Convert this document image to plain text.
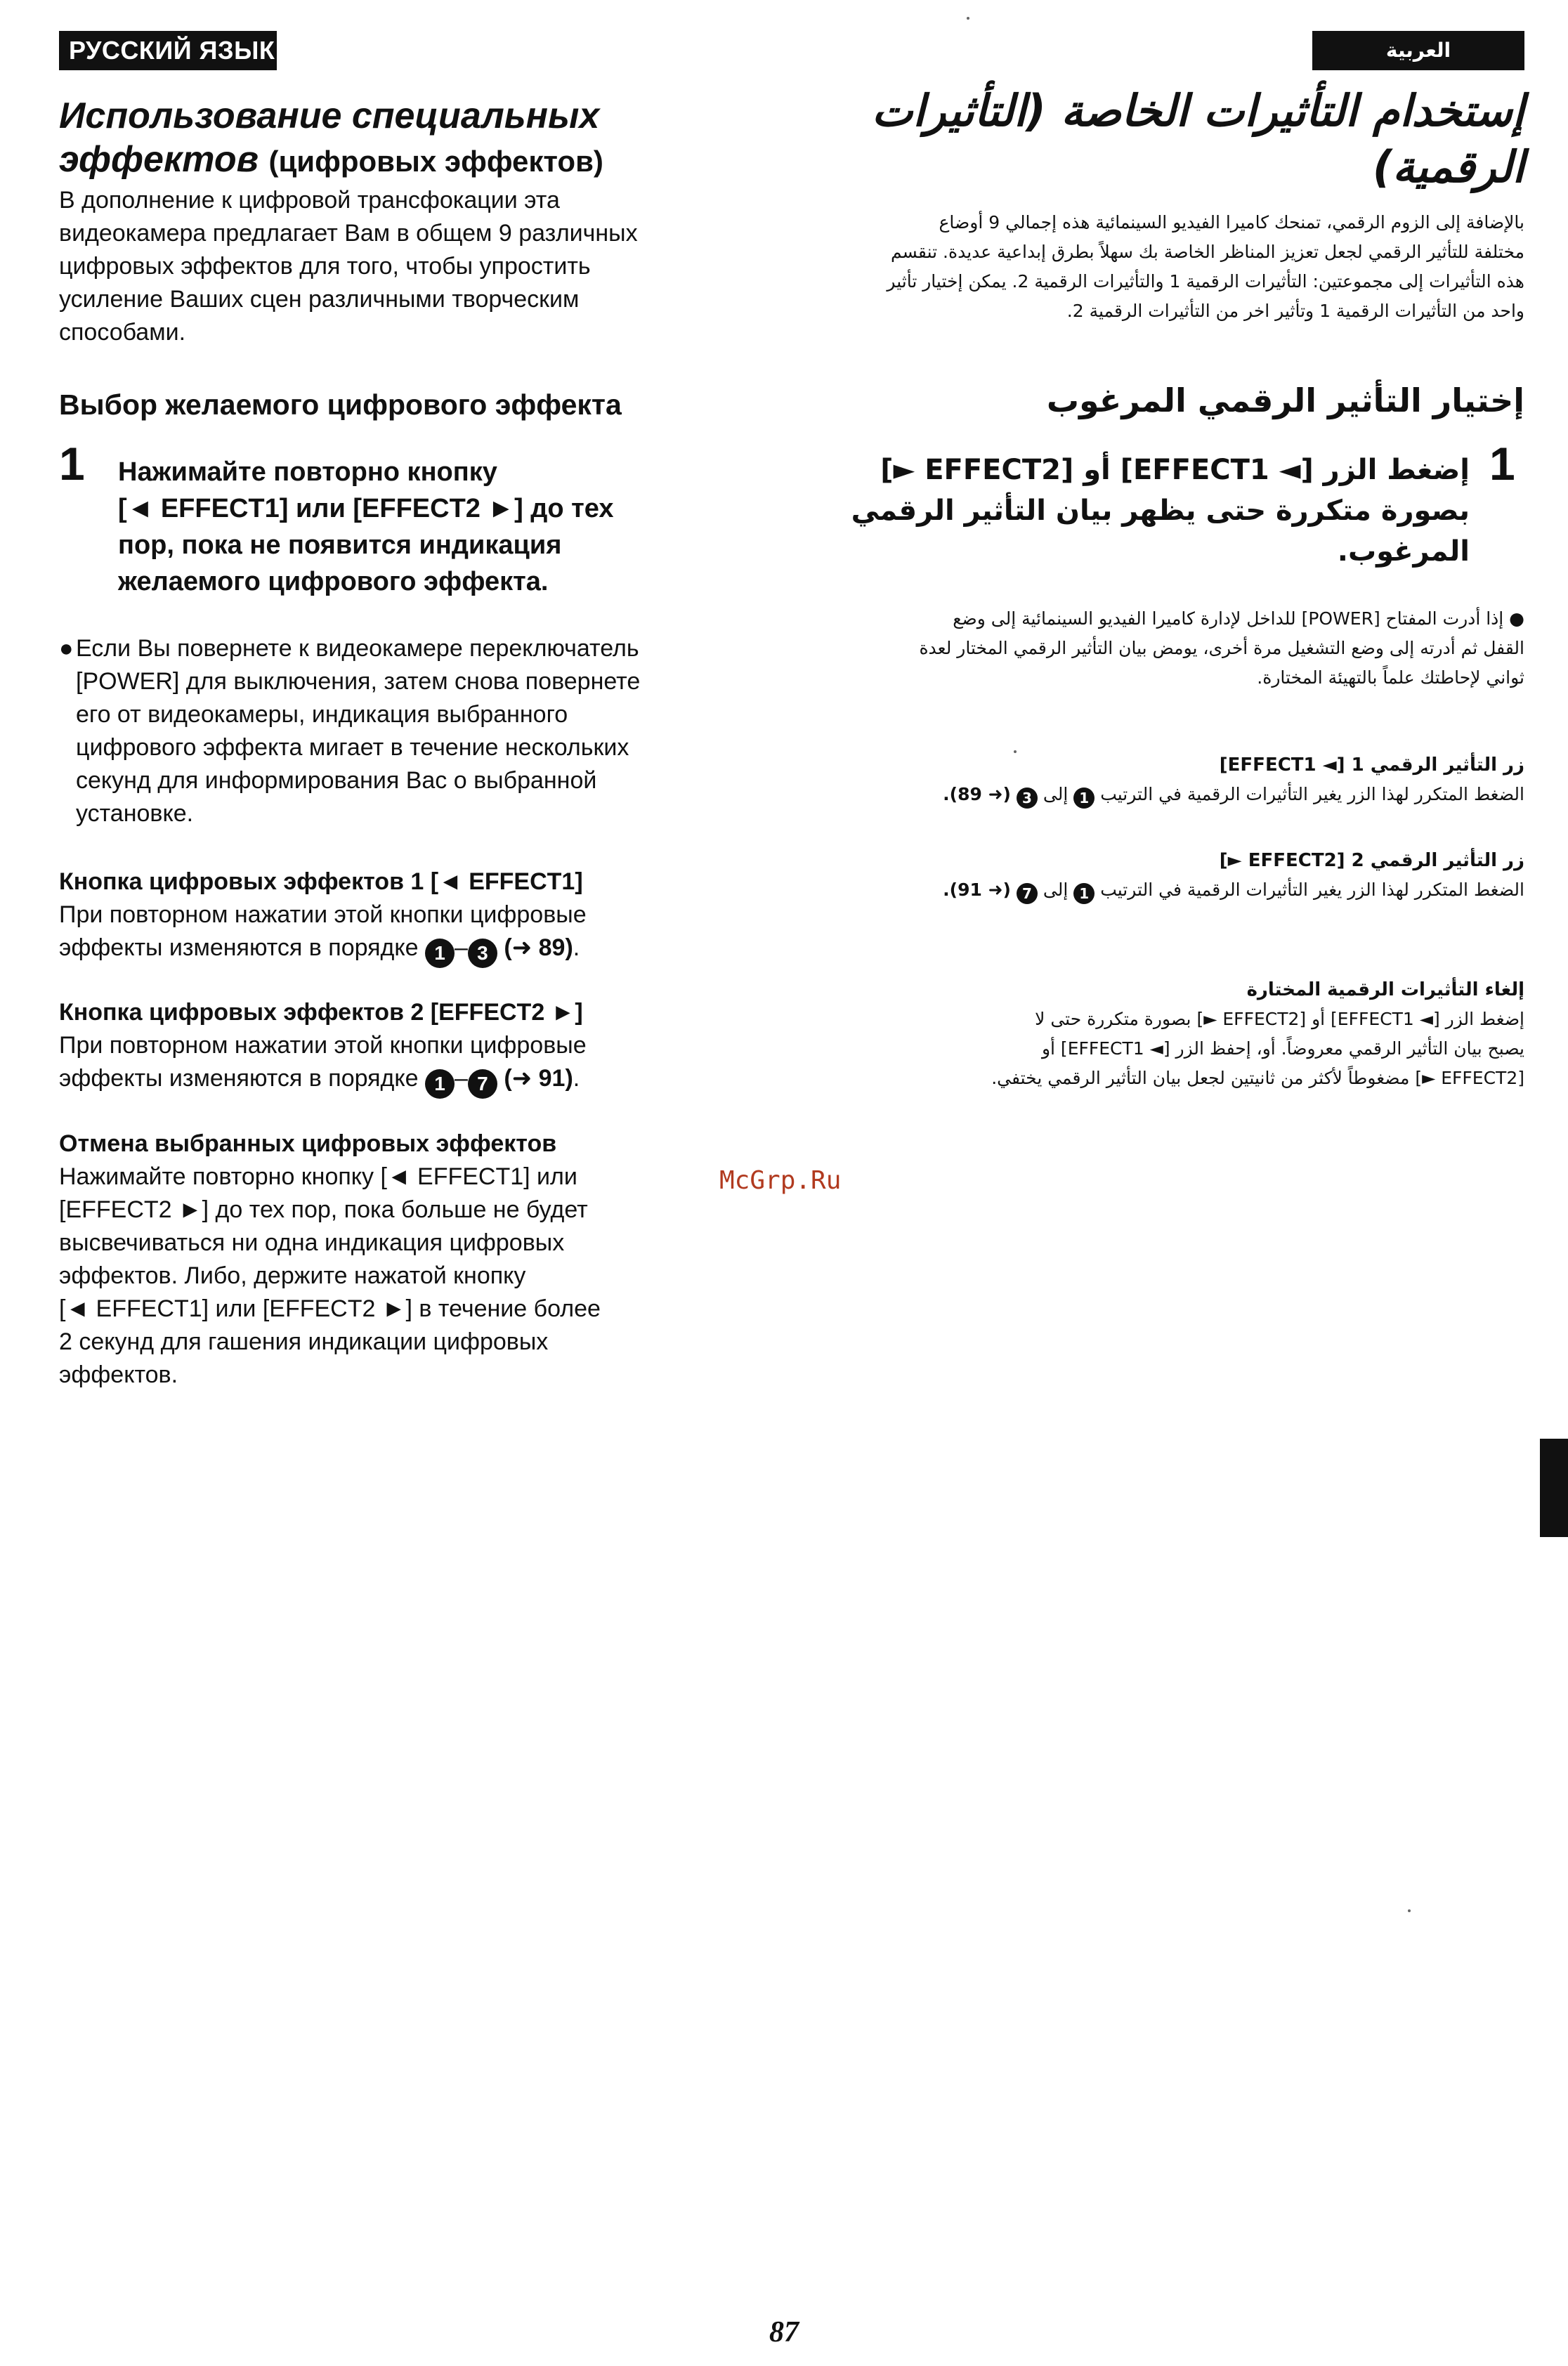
РУССКИЙ ЯЗЫК	العربية
Использование специальных
эффектов (цифровых эффектов)
В дополнение к цифровой трансфокации эта
видеокамера предлагает Вам в общем 9 различных
цифровых эффектов для того, чтобы упростить
усиление Ваших сцен различными творческим
способами.
Выбор желаемого цифрового эффекта
1 Нажимайте повторно кнопку
[◄ EFFECT1] или [EFFECT2 ►] до тех
пор, пока не появится индикация
желаемого цифрового эффекта.
● Если Вы повернете к видеокамере переключатель
[POWER] для выключения, затем снова повернете
его от видеокамеры, индикация выбранного
цифрового эффекта мигает в течение нескольких
секунд для информирования Вас о выбранной
установке.
Кнопка цифровых эффектов 1 [◄ EFFECT1]
При повторном нажатии этой кнопки цифровые
эффекты изменяются в порядке 1 – 3 (➜ 89).
Кнопка цифровых эффектов 2 [EFFECT2 ►]
При повторном нажатии этой кнопки цифровые
эффекты изменяются в порядке 1 – 7 (➜ 91).
Отмена выбранных цифровых эффектов
Нажимайте повторно кнопку [◄ EFFECT1] или
[EFFECT2 ►] до тех пор, пока больше не будет
высвечиваться ни одна индикация цифровых
эффектов. Либо, держите нажатой кнопку
[◄ EFFECT1] или [EFFECT2 ►] в течение более
2 секунд для гашения индикации цифровых
эффектов.
إستخدام التأثيرات الخاصة (التأثيرات
الرقمية)
بالإضافة إلى الزوم الرقمي، تمنحك كاميرا الفيديو السينمائية هذه إجمالي 9 أوضاع
مختلفة للتأثير الرقمي لجعل تعزيز المناظر الخاصة بك سهلاً بطرق إبداعية عديدة. تنقسم
هذه التأثيرات إلى مجموعتين: التأثيرات الرقمية 1 والتأثيرات الرقمية 2. يمكن إختيار تأثير
واحد من التأثيرات الرقمية 1 وتأثير اخر من التأثيرات الرقمية 2.
إختيار التأثير الرقمي المرغوب
1
إضغط الزر [◄ EFFECT1] أو [EFFECT2 ►]
بصورة متكررة حتى يظهر بيان التأثير الرقمي
المرغوب.
● إذا أدرت المفتاح [POWER] للداخل لإدارة كاميرا الفيديو السينمائية إلى وضع
القفل ثم أدرته إلى وضع التشغيل مرة أخرى، يومض بيان التأثير الرقمي المختار لعدة
ثواني لإحاطتك علماً بالتهيئة المختارة.
زر التأثير الرقمي 1 [◄ EFFECT1]
الضغط المتكرر لهذا الزر يغير التأثيرات الرقمية في الترتيب 1 إلى 3 (➜ 89).
زر التأثير الرقمي 2 [EFFECT2 ►]
الضغط المتكرر لهذا الزر يغير التأثيرات الرقمية في الترتيب 1 إلى 7 (➜ 91).
إلغاء التأثيرات الرقمية المختارة
إضغط الزر [◄ EFFECT1] أو [EFFECT2 ►] بصورة متكررة حتى لا
يصبح بيان التأثير الرقمي معروضاً. أو، إحفظ الزر [◄ EFFECT1] أو
[EFFECT2 ►] مضغوطاً لأكثر من ثانيتين لجعل بيان التأثير الرقمي يختفي.
McGrp.Ru
87
